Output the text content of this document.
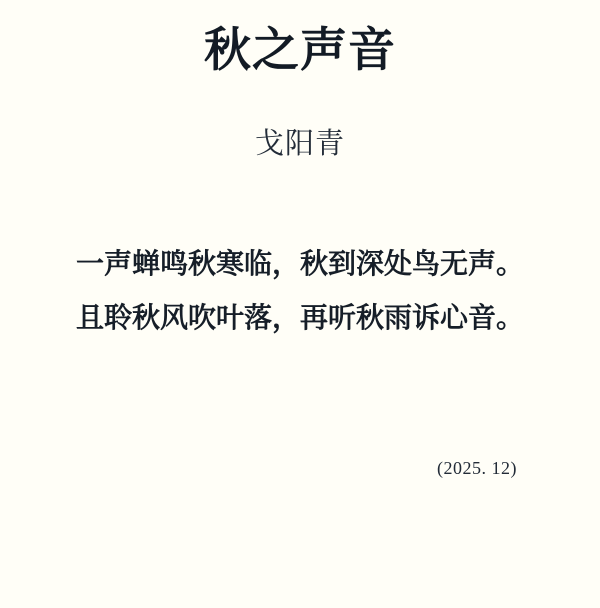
秋之声音
戈阳青
一声蝉鸣秋寒临，秋到深处鸟无声。
且聆秋风吹叶落，再听秋雨诉心音。
(2025. 12)
